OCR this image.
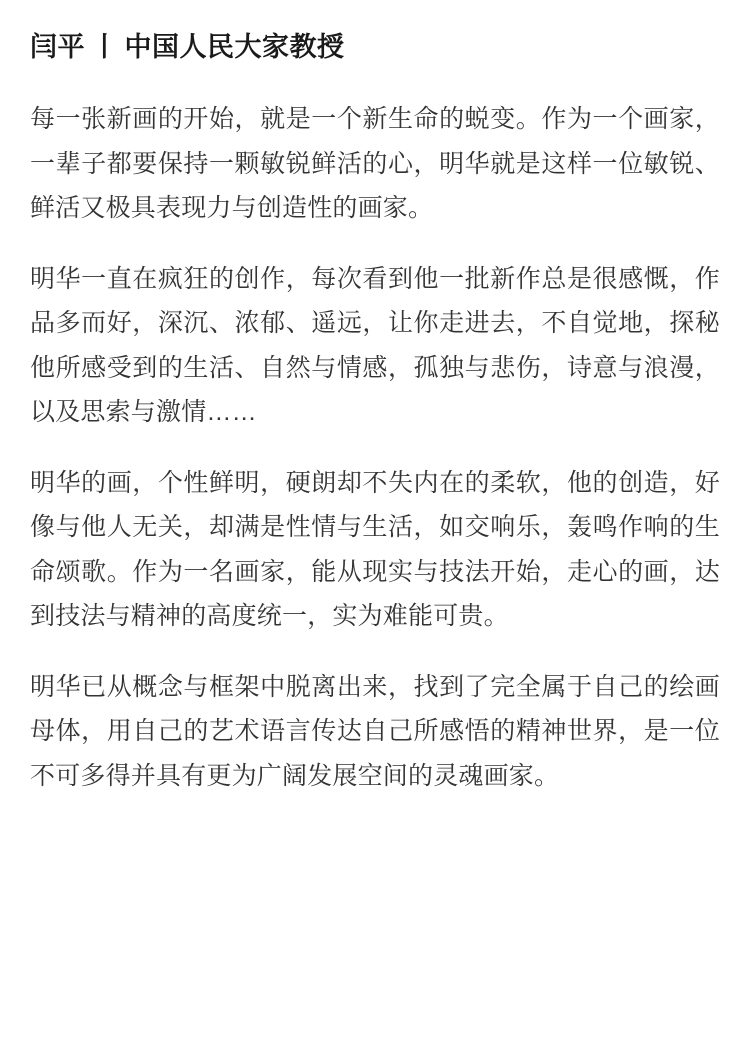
闫平 丨 中国人民大家教授

每一张新画的开始，就是一个新生命的蜕变。作为一个画家，一辈子都要保持一颗敏锐鲜活的心，明华就是这样一位敏锐、鲜活又极具表现力与创造性的画家。

明华一直在疯狂的创作，每次看到他一批新作总是很感慨，作品多而好，深沉、浓郁、遥远，让你走进去，不自觉地，探秘他所感受到的生活、自然与情感，孤独与悲伤，诗意与浪漫，以及思索与激情……

明华的画，个性鲜明，硬朗却不失内在的柔软，他的创造，好像与他人无关，却满是性情与生活，如交响乐，轰鸣作响的生命颂歌。作为一名画家，能从现实与技法开始，走心的画，达到技法与精神的高度统一，实为难能可贵。

明华已从概念与框架中脱离出来，找到了完全属于自己的绘画母体，用自己的艺术语言传达自己所感悟的精神世界，是一位不可多得并具有更为广阔发展空间的灵魂画家。
